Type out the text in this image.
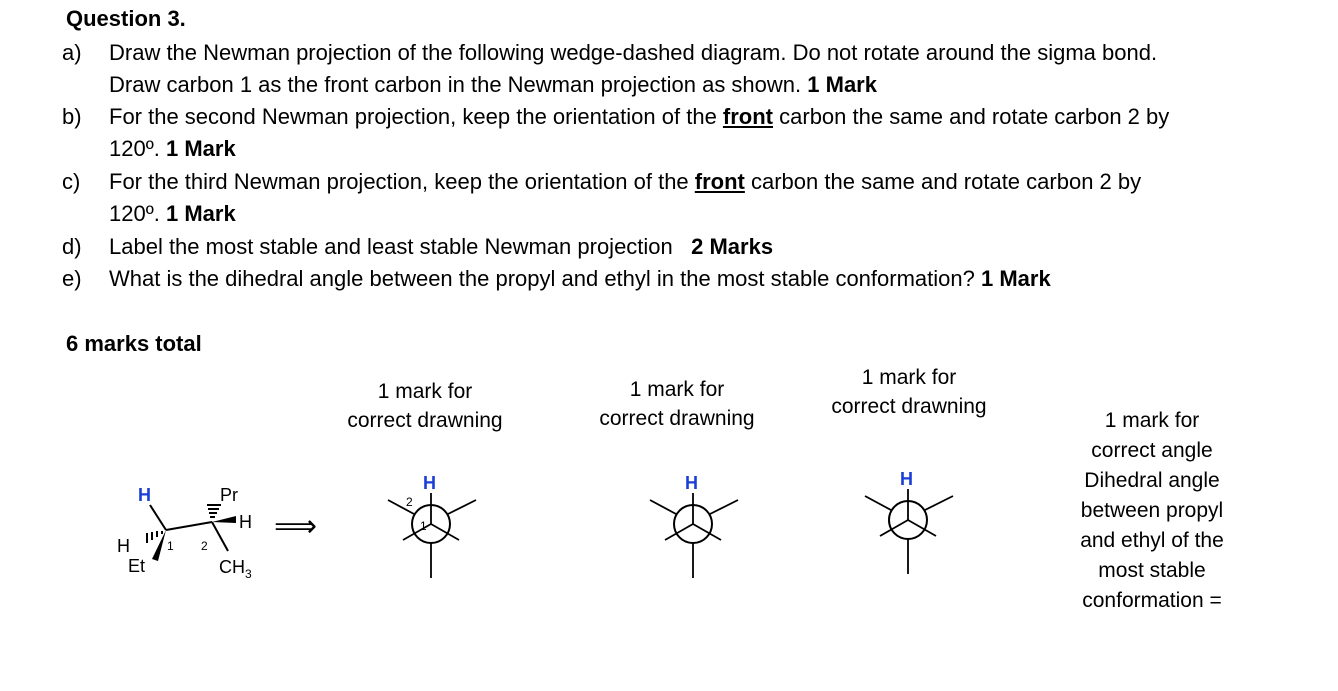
Question 3.
a) Draw the Newman projection of the following wedge-dashed diagram. Do not rotate around the sigma bond.
Draw carbon 1 as the front carbon in the Newman projection as shown. 1 Mark
b) For the second Newman projection, keep the orientation of the front carbon the same and rotate carbon 2 by
120º. 1 Mark
c) For the third Newman projection, keep the orientation of the front carbon the same and rotate carbon 2 by
120º. 1 Mark
d) Label the most stable and least stable Newman projection   2 Marks
e) What is the dihedral angle between the propyl and ethyl in the most stable conformation? 1 Mark
6 marks total
1 mark for
correct drawning
1 mark for
correct drawning
1 mark for
correct drawning
1 mark for
correct angle
Dihedral angle
between propyl
and ethyl of the
most stable
conformation =
H
H
Et
1 2
Pr
H
$CH_3$
⟹
H
2
1
H	H
